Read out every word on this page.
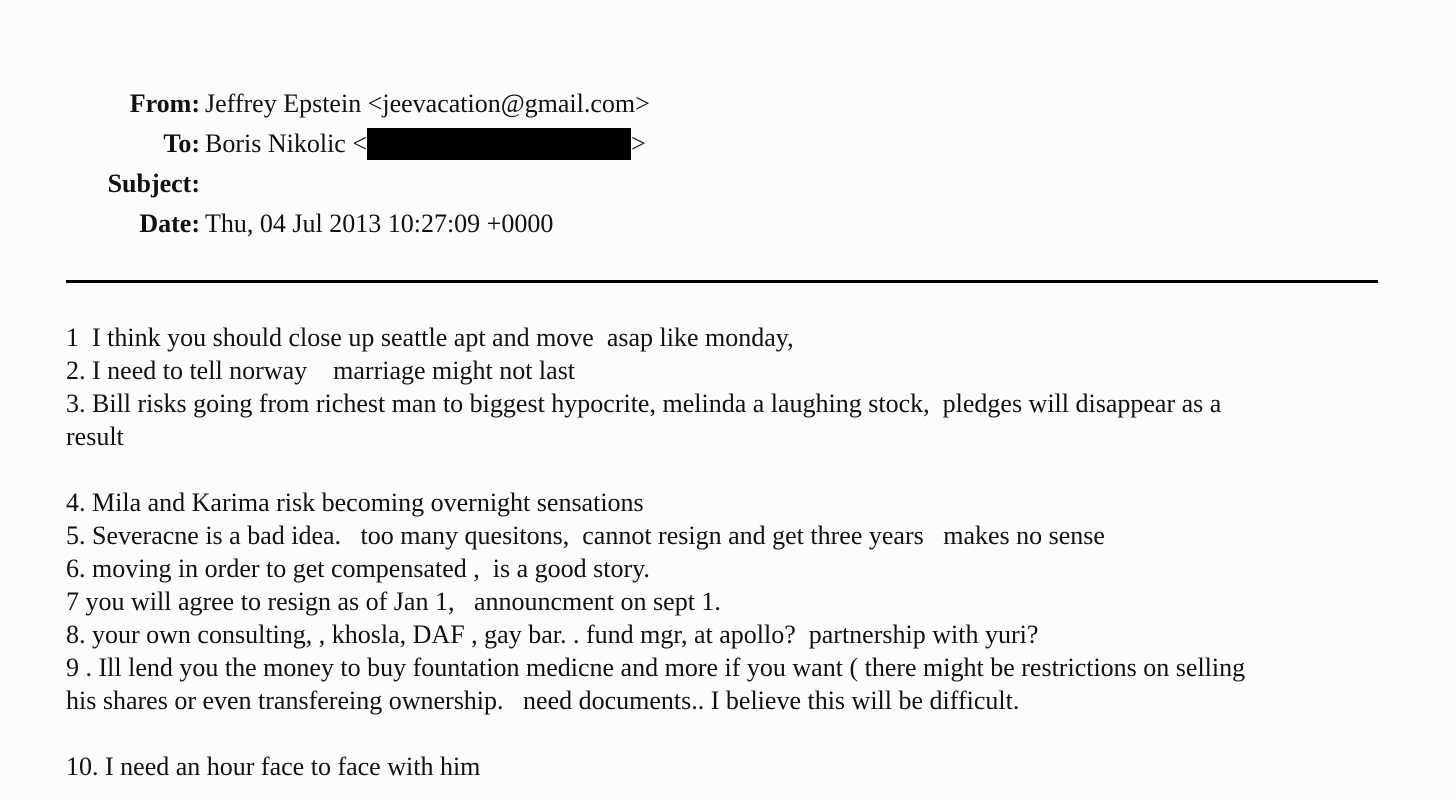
From: Jeffrey Epstein <jeevacation@gmail.com>
To: Boris Nikolic <	>
Subject:
Date: Thu, 04 Jul 2013 10:27:09 +0000
1  I think you should close up seattle apt and move  asap like monday,
2. I need to tell norway    marriage might not last
3. Bill risks going from richest man to biggest hypocrite, melinda a laughing stock,  pledges will disappear as a
result
4. Mila and Karima risk becoming overnight sensations
5. Severacne is a bad idea.   too many quesitons,  cannot resign and get three years   makes no sense
6. moving in order to get compensated ,  is a good story.
7 you will agree to resign as of Jan 1,   announcment on sept 1.
8. your own consulting, , khosla, DAF , gay bar. . fund mgr, at apollo?  partnership with yuri?
9 . Ill lend you the money to buy fountation medicne and more if you want ( there might be restrictions on selling
his shares or even transfereing ownership.   need documents.. I believe this will be difficult.
10. I need an hour face to face with him
